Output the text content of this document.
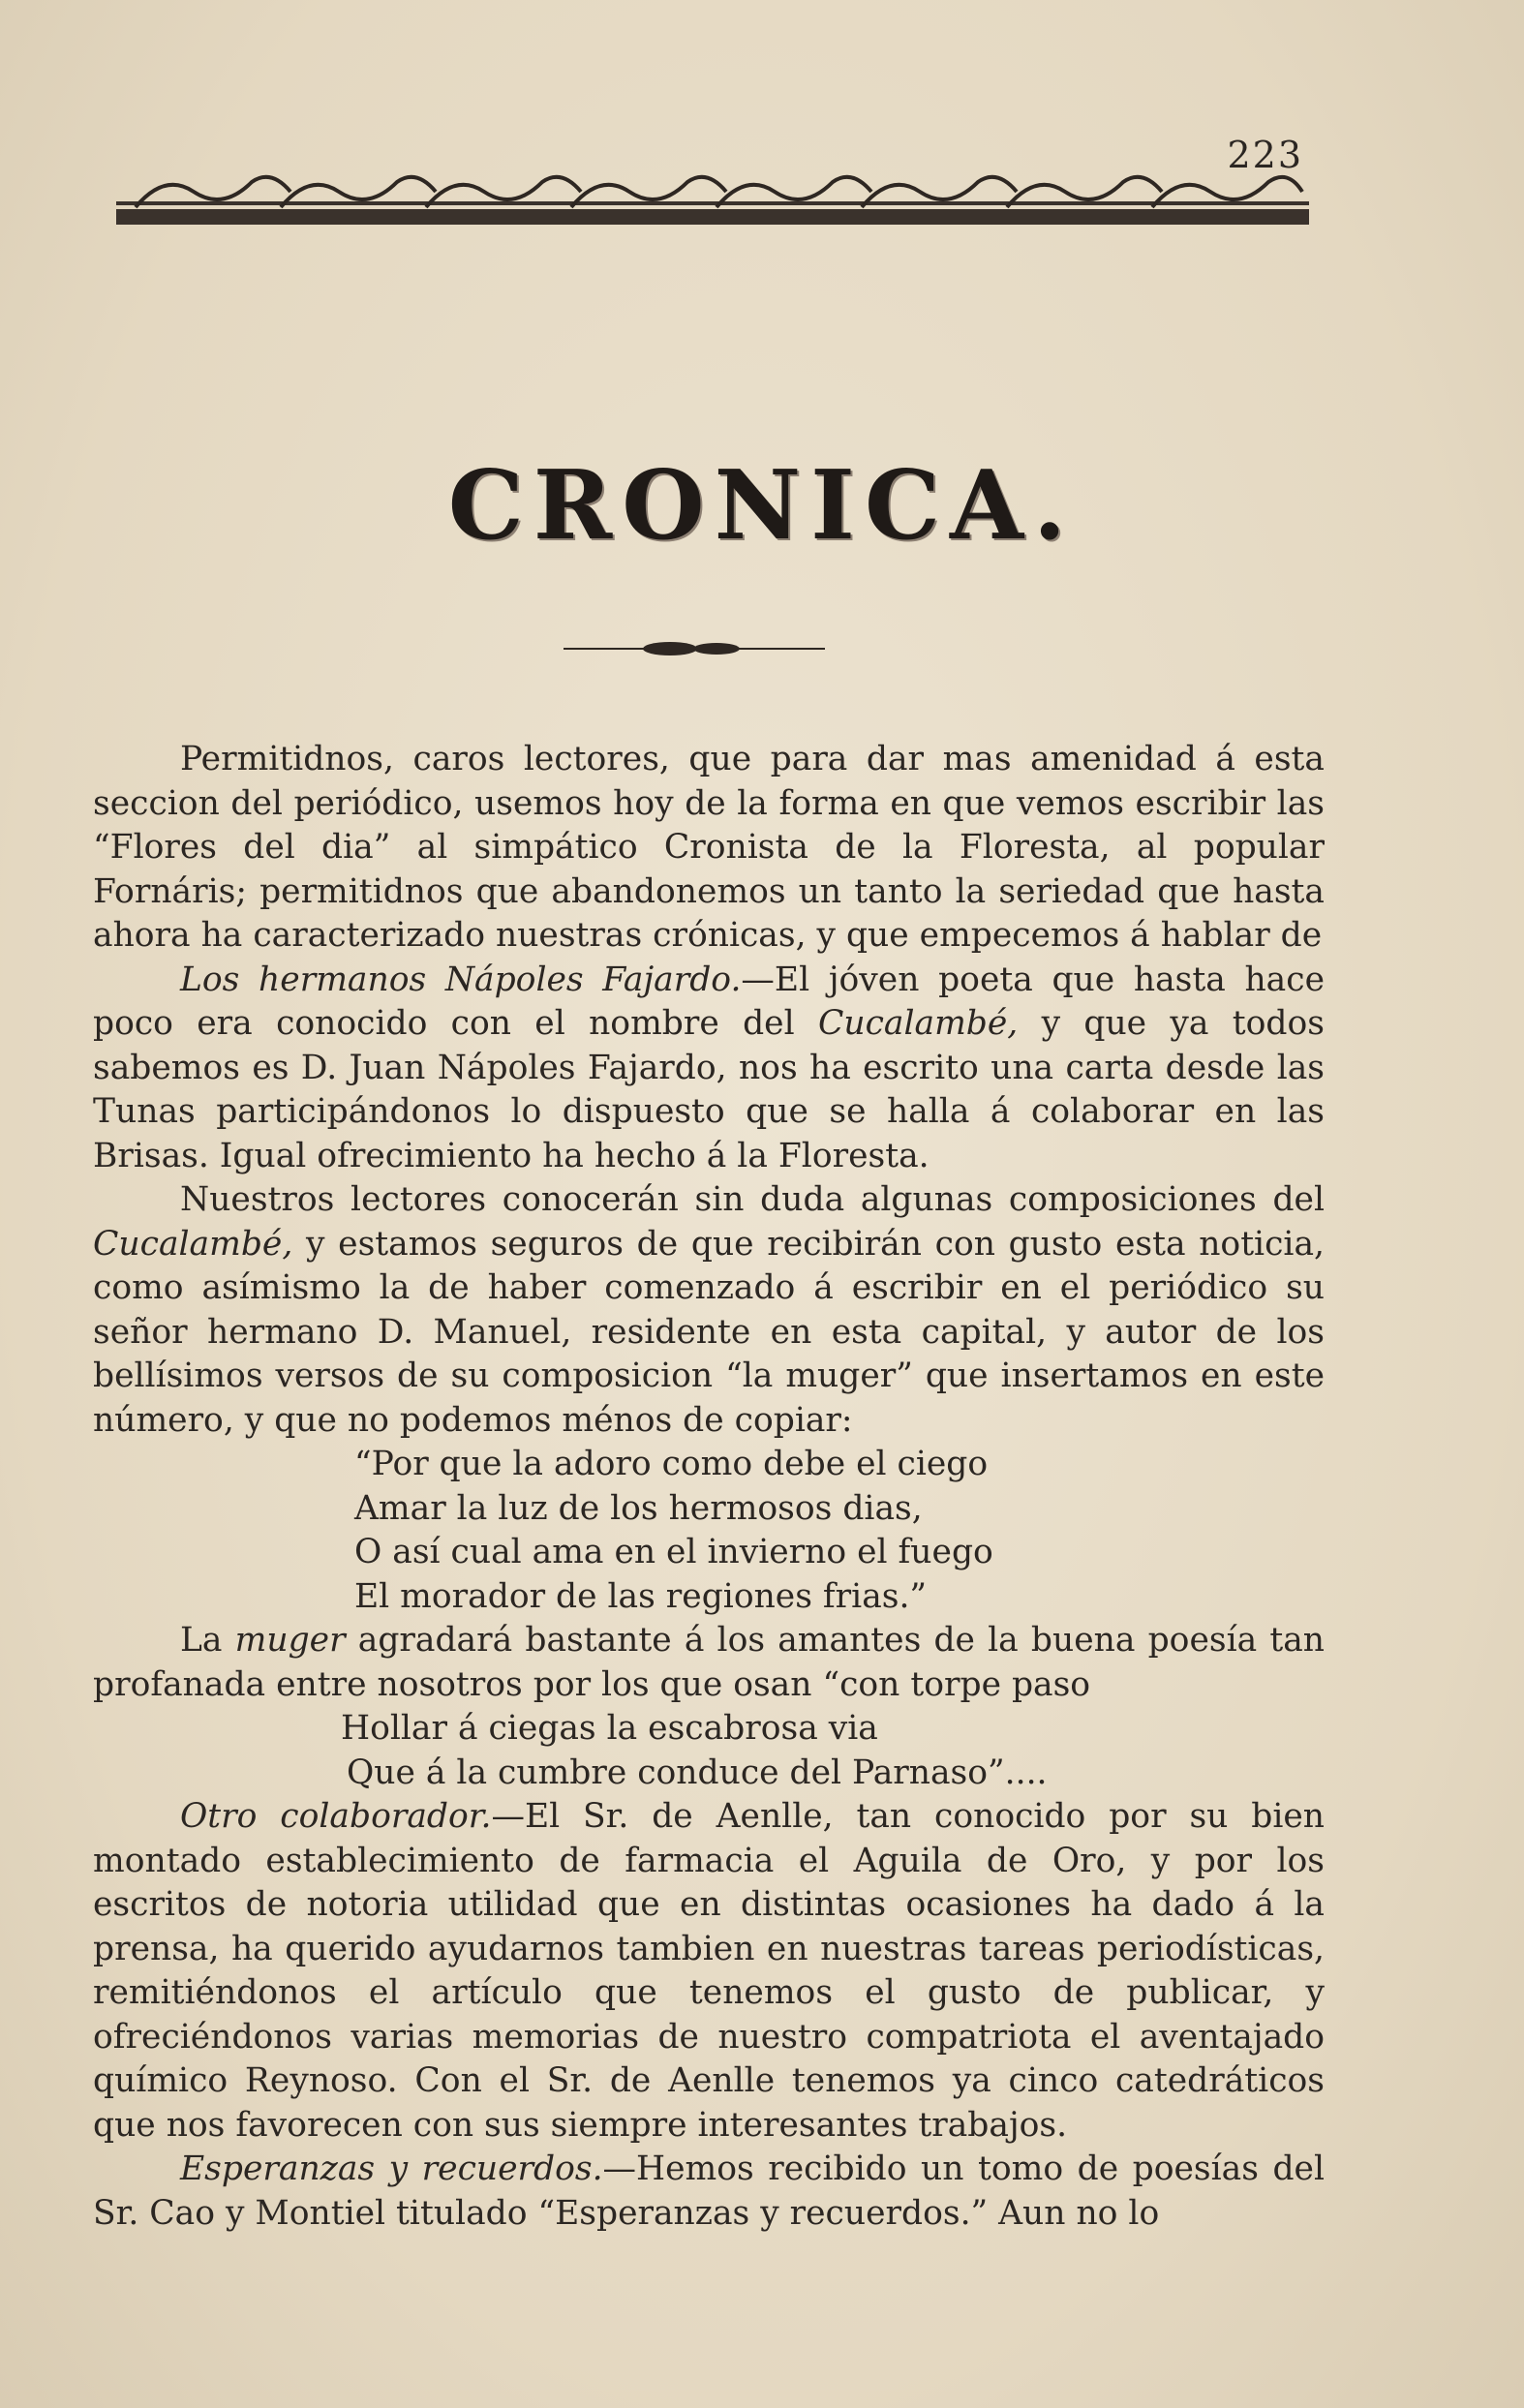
223
CRONICA.

Permitidnos, caros lectores, que para dar mas amenidad á esta seccion del periódico, usemos hoy de la forma en que vemos escribir las “Flores del dia” al simpático Cronista de la Floresta, al popular Fornáris; permitidnos que abandonemos un tanto la seriedad que hasta ahora ha caracterizado nuestras crónicas, y que empecemos á hablar de

Los hermanos Nápoles Fajardo.—El jóven poeta que hasta hace poco era conocido con el nombre del Cucalambé, y que ya todos sabemos es D. Juan Nápoles Fajardo, nos ha escrito una carta desde las Tunas participándonos lo dispuesto que se halla á colaborar en las Brisas. Igual ofrecimiento ha hecho á la Floresta.

Nuestros lectores conocerán sin duda algunas composiciones del Cucalambé, y estamos seguros de que recibirán con gusto esta noticia, como asímismo la de haber comenzado á escribir en el periódico su señor hermano D. Manuel, residente en esta capital, y autor de los bellísimos versos de su composicion “la muger” que insertamos en este número, y que no podemos ménos de copiar:

“Por que la adoro como debe el ciego

Amar la luz de los hermosos dias,

O así cual ama en el invierno el fuego

El morador de las regiones frias.”

La muger agradará bastante á los amantes de la buena poesía tan profanada entre nosotros por los que osan “con torpe paso

Hollar á ciegas la escabrosa via

Que á la cumbre conduce del Parnaso”....

Otro colaborador.—El Sr. de Aenlle, tan conocido por su bien montado establecimiento de farmacia el Aguila de Oro, y por los escritos de notoria utilidad que en distintas ocasiones ha dado á la prensa, ha querido ayudarnos tambien en nuestras tareas periodísticas, remitiéndonos el artículo que tenemos el gusto de publicar, y ofreciéndonos varias memorias de nuestro compatriota el aventajado químico Reynoso. Con el Sr. de Aenlle tenemos ya cinco catedráticos que nos favorecen con sus siempre interesantes trabajos.

Esperanzas y recuerdos.—Hemos recibido un tomo de poesías del Sr. Cao y Montiel titulado “Esperanzas y recuerdos.” Aun no lo
